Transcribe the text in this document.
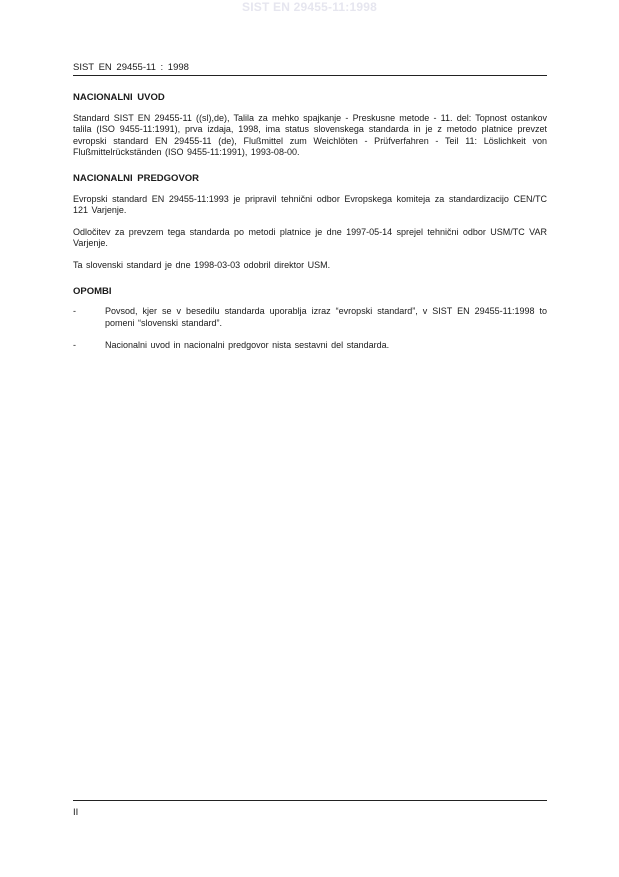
SIST EN 29455-11:1998
SIST EN 29455-11 : 1998
NACIONALNI UVOD

Standard SIST EN 29455-11 ((sl),de), Talila za mehko spajkanje - Preskusne metode - 11. del: Topnost ostankov talila (ISO 9455-11:1991), prva izdaja, 1998, ima status slovenskega standarda in je z metodo platnice prevzet evropski standard EN 29455-11 (de), Flußmittel zum Weichlöten - Prüfverfahren - Teil 11: Löslichkeit von Flußmittelrückständen (ISO 9455-11:1991), 1993-08-00.

NACIONALNI PREDGOVOR

Evropski standard EN 29455-11:1993 je pripravil tehnični odbor Evropskega komiteja za standardizacijo CEN/TC 121 Varjenje.

Odločitev za prevzem tega standarda po metodi platnice je dne 1997-05-14 sprejel tehnični odbor USM/TC VAR Varjenje.

Ta slovenski standard je dne 1998-03-03 odobril direktor USM.

OPOMBI
-	Povsod, kjer se v besedilu standarda uporablja izraz “evropski standard”, v SIST EN 29455-11:1998 to pomeni “slovenski standard”.
-	Nacionalni uvod in nacionalni predgovor nista sestavni del standarda.
II
